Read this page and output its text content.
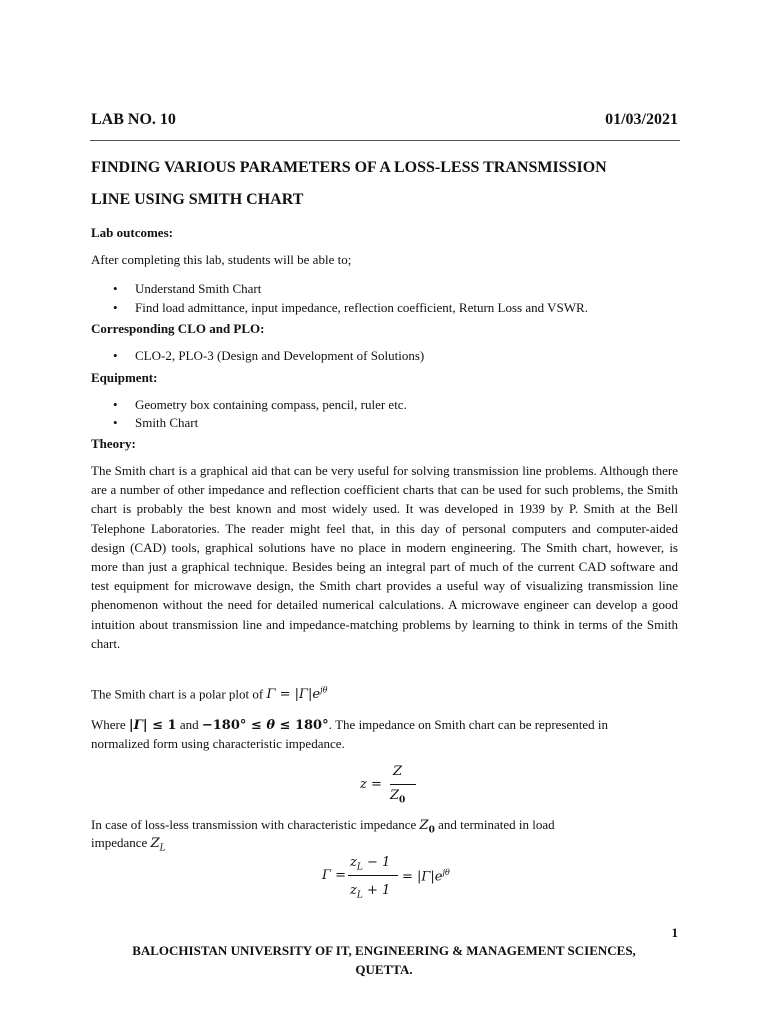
LAB NO. 10	01/03/2021
FINDING VARIOUS PARAMETERS OF A LOSS-LESS TRANSMISSION
LINE USING SMITH CHART
Lab outcomes:
After completing this lab, students will be able to;
• Understand Smith Chart
• Find load admittance, input impedance, reflection coefficient, Return Loss and VSWR.
Corresponding CLO and PLO:
• CLO-2, PLO-3 (Design and Development of Solutions)
Equipment:
• Geometry box containing compass, pencil, ruler etc.
• Smith Chart
Theory:
The Smith chart is a graphical aid that can be very useful for solving transmission line problems. Although there are a number of other impedance and reflection coefficient charts that can be used for such problems, the Smith chart is probably the best known and most widely used. It was developed in 1939 by P. Smith at the Bell Telephone Laboratories. The reader might feel that, in this day of personal computers and computer-aided design (CAD) tools, graphical solutions have no place in modern engineering. The Smith chart, however, is more than just a graphical technique. Besides being an integral part of much of the current CAD software and test equipment for microwave design, the Smith chart provides a useful way of visualizing transmission line phenomenon without the need for detailed numerical calculations. A microwave engineer can develop a good intuition about transmission line and impedance-matching problems by learning to think in terms of the Smith chart.
The Smith chart is a polar plot of $\Gamma = |\Gamma|e^{j\theta}$
Where |Γ| ≤ 1 and −180° ≤ θ ≤ 180°. The impedance on Smith chart can be represented in
normalized form using characteristic impedance.
z =
Z
$Z_0$
In case of loss-less transmission with characteristic impedance $Z_0$ and terminated in load
impedance $Z_L$
Γ =
$z_L - 1$
$z_L + 1$
= $|\Gamma|e^{j\theta}$
1
BALOCHISTAN UNIVERSITY OF IT, ENGINEERING & MANAGEMENT SCIENCES,
QUETTA.
